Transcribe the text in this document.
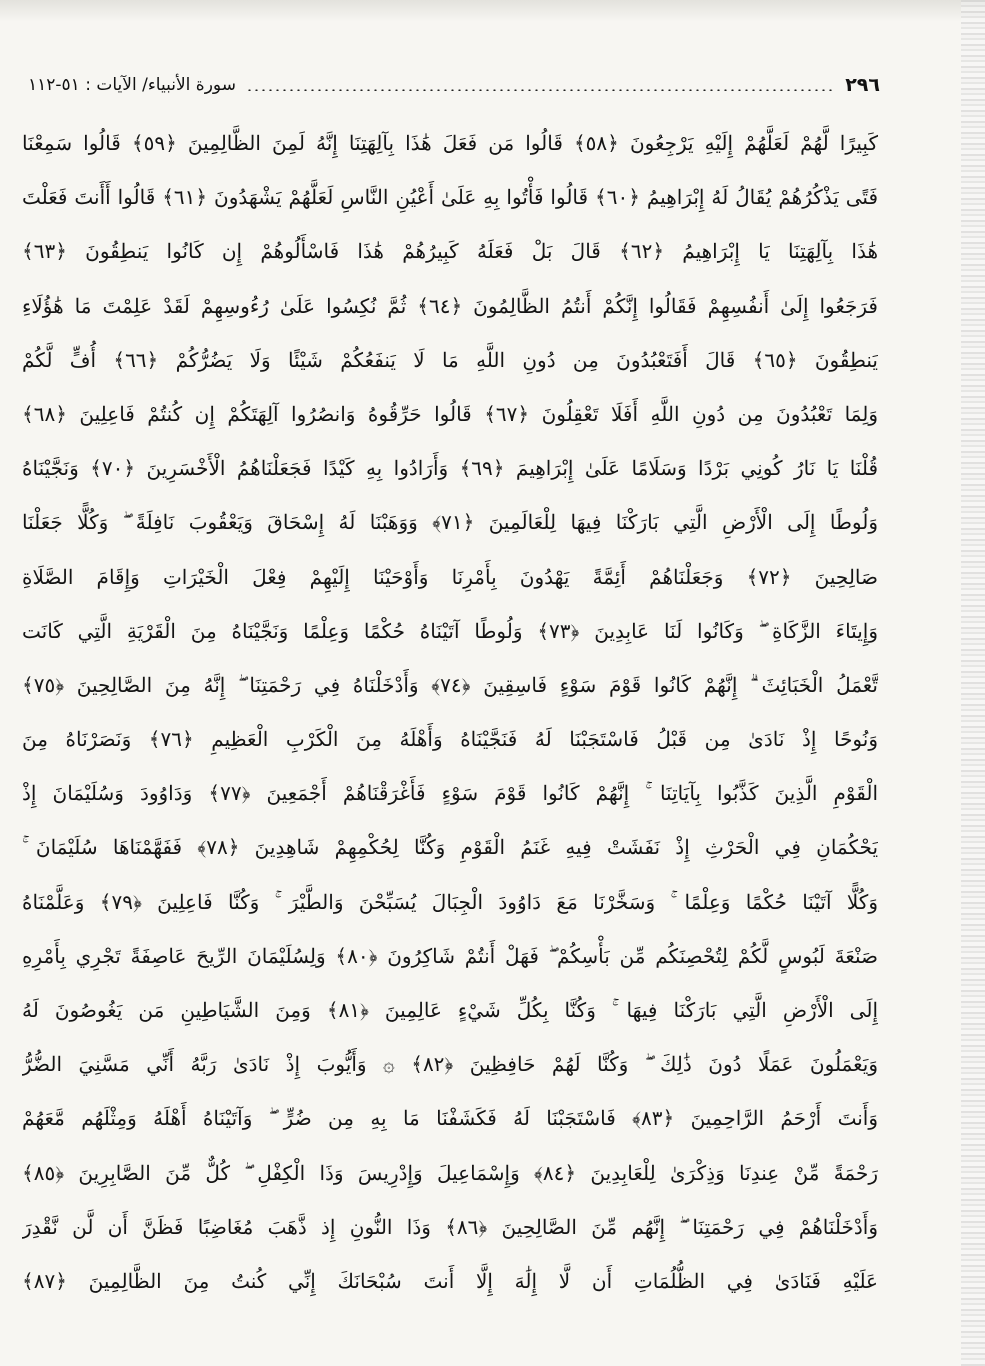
٢٩٦
سورة الأنبياء/ الآيات : ٥١-١١٢
كَبِيرًا لَّهُمْ لَعَلَّهُمْ إِلَيْهِ يَرْجِعُونَ ﴿٥٨﴾ قَالُوا مَن فَعَلَ هَٰذَا بِآلِهَتِنَا إِنَّهُ لَمِنَ الظَّالِمِينَ ﴿٥٩﴾ قَالُوا سَمِعْنَا
فَتًى يَذْكُرُهُمْ يُقَالُ لَهُ إِبْرَاهِيمُ ﴿٦٠﴾ قَالُوا فَأْتُوا بِهِ عَلَىٰ أَعْيُنِ النَّاسِ لَعَلَّهُمْ يَشْهَدُونَ ﴿٦١﴾ قَالُوا أَأَنتَ فَعَلْتَ
هَٰذَا بِآلِهَتِنَا يَا إِبْرَاهِيمُ ﴿٦٢﴾ قَالَ بَلْ فَعَلَهُ كَبِيرُهُمْ هَٰذَا فَاسْأَلُوهُمْ إِن كَانُوا يَنطِقُونَ ﴿٦٣﴾
فَرَجَعُوا إِلَىٰ أَنفُسِهِمْ فَقَالُوا إِنَّكُمْ أَنتُمُ الظَّالِمُونَ ﴿٦٤﴾ ثُمَّ نُكِسُوا عَلَىٰ رُءُوسِهِمْ لَقَدْ عَلِمْتَ مَا هَٰؤُلَاءِ
يَنطِقُونَ ﴿٦٥﴾ قَالَ أَفَتَعْبُدُونَ مِن دُونِ اللَّهِ مَا لَا يَنفَعُكُمْ شَيْئًا وَلَا يَضُرُّكُمْ ﴿٦٦﴾ أُفٍّ لَّكُمْ
وَلِمَا تَعْبُدُونَ مِن دُونِ اللَّهِ أَفَلَا تَعْقِلُونَ ﴿٦٧﴾ قَالُوا حَرِّقُوهُ وَانصُرُوا آلِهَتَكُمْ إِن كُنتُمْ فَاعِلِينَ ﴿٦٨﴾
قُلْنَا يَا نَارُ كُونِي بَرْدًا وَسَلَامًا عَلَىٰ إِبْرَاهِيمَ ﴿٦٩﴾ وَأَرَادُوا بِهِ كَيْدًا فَجَعَلْنَاهُمُ الْأَخْسَرِينَ ﴿٧٠﴾ وَنَجَّيْنَاهُ
وَلُوطًا إِلَى الْأَرْضِ الَّتِي بَارَكْنَا فِيهَا لِلْعَالَمِينَ ﴿٧١﴾ وَوَهَبْنَا لَهُ إِسْحَاقَ وَيَعْقُوبَ نَافِلَةً ۖ وَكُلًّا جَعَلْنَا
صَالِحِينَ ﴿٧٢﴾ وَجَعَلْنَاهُمْ أَئِمَّةً يَهْدُونَ بِأَمْرِنَا وَأَوْحَيْنَا إِلَيْهِمْ فِعْلَ الْخَيْرَاتِ وَإِقَامَ الصَّلَاةِ
وَإِيتَاءَ الزَّكَاةِ ۖ وَكَانُوا لَنَا عَابِدِينَ ﴿٧٣﴾ وَلُوطًا آتَيْنَاهُ حُكْمًا وَعِلْمًا وَنَجَّيْنَاهُ مِنَ الْقَرْيَةِ الَّتِي كَانَت
تَّعْمَلُ الْخَبَائِثَ ۗ إِنَّهُمْ كَانُوا قَوْمَ سَوْءٍ فَاسِقِينَ ﴿٧٤﴾ وَأَدْخَلْنَاهُ فِي رَحْمَتِنَا ۖ إِنَّهُ مِنَ الصَّالِحِينَ ﴿٧٥﴾
وَنُوحًا إِذْ نَادَىٰ مِن قَبْلُ فَاسْتَجَبْنَا لَهُ فَنَجَّيْنَاهُ وَأَهْلَهُ مِنَ الْكَرْبِ الْعَظِيمِ ﴿٧٦﴾ وَنَصَرْنَاهُ مِنَ
الْقَوْمِ الَّذِينَ كَذَّبُوا بِآيَاتِنَا ۚ إِنَّهُمْ كَانُوا قَوْمَ سَوْءٍ فَأَغْرَقْنَاهُمْ أَجْمَعِينَ ﴿٧٧﴾ وَدَاوُودَ وَسُلَيْمَانَ إِذْ
يَحْكُمَانِ فِي الْحَرْثِ إِذْ نَفَشَتْ فِيهِ غَنَمُ الْقَوْمِ وَكُنَّا لِحُكْمِهِمْ شَاهِدِينَ ﴿٧٨﴾ فَفَهَّمْنَاهَا سُلَيْمَانَ ۚ
وَكُلًّا آتَيْنَا حُكْمًا وَعِلْمًا ۚ وَسَخَّرْنَا مَعَ دَاوُودَ الْجِبَالَ يُسَبِّحْنَ وَالطَّيْرَ ۚ وَكُنَّا فَاعِلِينَ ﴿٧٩﴾ وَعَلَّمْنَاهُ
صَنْعَةَ لَبُوسٍ لَّكُمْ لِتُحْصِنَكُم مِّن بَأْسِكُمْ ۖ فَهَلْ أَنتُمْ شَاكِرُونَ ﴿٨٠﴾ وَلِسُلَيْمَانَ الرِّيحَ عَاصِفَةً تَجْرِي بِأَمْرِهِ
إِلَى الْأَرْضِ الَّتِي بَارَكْنَا فِيهَا ۚ وَكُنَّا بِكُلِّ شَيْءٍ عَالِمِينَ ﴿٨١﴾ وَمِنَ الشَّيَاطِينِ مَن يَغُوصُونَ لَهُ
وَيَعْمَلُونَ عَمَلًا دُونَ ذَٰلِكَ ۖ وَكُنَّا لَهُمْ حَافِظِينَ ﴿٨٢﴾ ۞ وَأَيُّوبَ إِذْ نَادَىٰ رَبَّهُ أَنِّي مَسَّنِيَ الضُّرُّ
وَأَنتَ أَرْحَمُ الرَّاحِمِينَ ﴿٨٣﴾ فَاسْتَجَبْنَا لَهُ فَكَشَفْنَا مَا بِهِ مِن ضُرٍّ ۖ وَآتَيْنَاهُ أَهْلَهُ وَمِثْلَهُم مَّعَهُمْ
رَحْمَةً مِّنْ عِندِنَا وَذِكْرَىٰ لِلْعَابِدِينَ ﴿٨٤﴾ وَإِسْمَاعِيلَ وَإِدْرِيسَ وَذَا الْكِفْلِ ۖ كُلٌّ مِّنَ الصَّابِرِينَ ﴿٨٥﴾
وَأَدْخَلْنَاهُمْ فِي رَحْمَتِنَا ۖ إِنَّهُم مِّنَ الصَّالِحِينَ ﴿٨٦﴾ وَذَا النُّونِ إِذ ذَّهَبَ مُغَاضِبًا فَظَنَّ أَن لَّن نَّقْدِرَ
عَلَيْهِ فَنَادَىٰ فِي الظُّلُمَاتِ أَن لَّا إِلَٰهَ إِلَّا أَنتَ سُبْحَانَكَ إِنِّي كُنتُ مِنَ الظَّالِمِينَ ﴿٨٧﴾
